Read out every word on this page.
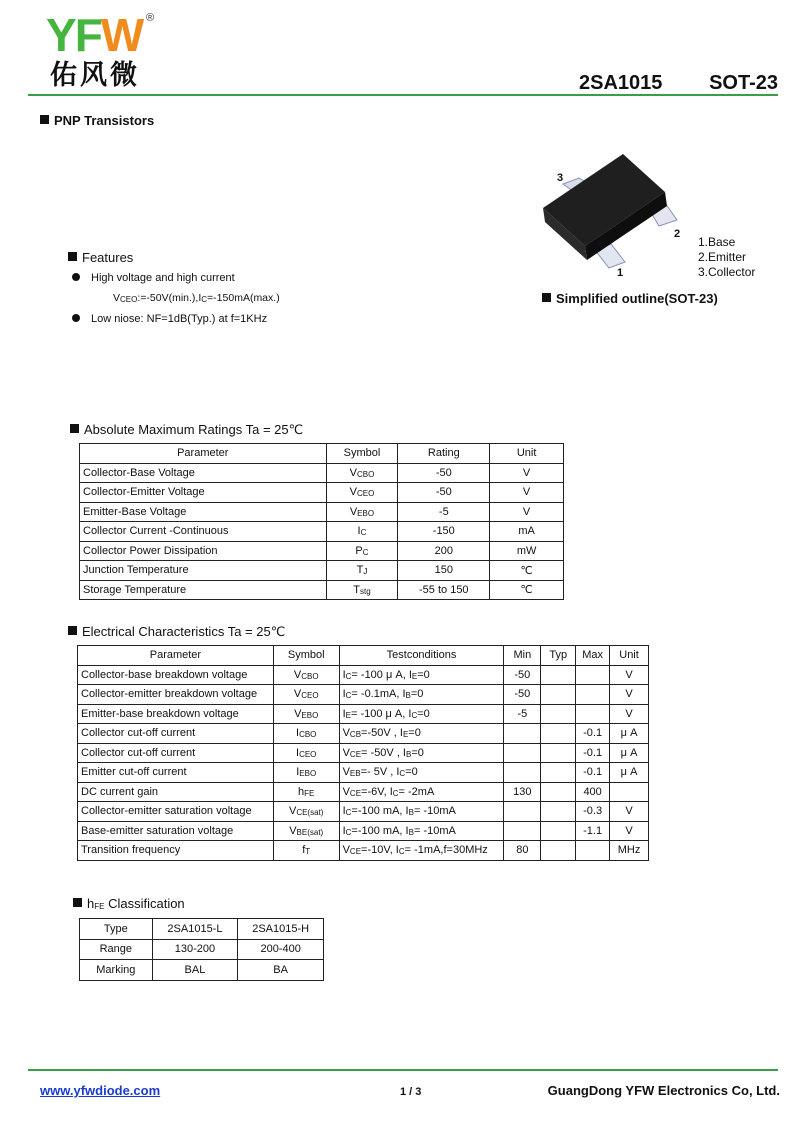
YFW ®
佑风微	2SA1015   SOT-23
PNP Transistors
3
2
1
1.Base
2.Emitter
3.Collector
Simplified outline(SOT-23)
Features
High voltage and high current
VCEO:=-50V(min.),IC=-150mA(max.)
Low niose: NF=1dB(Typ.) at f=1KHz
Absolute Maximum Ratings Ta = 25℃
Parameter	Symbol	Rating	Unit
Collector-Base Voltage	VCBO	-50	V
Collector-Emitter Voltage	VCEO	-50	V
Emitter-Base Voltage	VEBO	-5	V
Collector Current -Continuous	IC	-150	mA
Collector Power Dissipation	PC	200	mW
Junction Temperature	TJ	150	℃
Storage Temperature	Tstg	-55 to 150	℃
Electrical Characteristics Ta = 25℃
Parameter	Symbol	Testconditions	Min	Typ	Max	Unit
Collector-base breakdown voltage	VCBO	IC= -100 μ A, IE=0	-50			V
Collector-emitter breakdown voltage	VCEO	IC= -0.1mA, IB=0	-50			V
Emitter-base breakdown voltage	VEBO	IE= -100 μ A, IC=0	-5			V
Collector cut-off current	ICBO	VCB=-50V , IE=0			-0.1	μ A
Collector cut-off current	ICEO	VCE= -50V , IB=0			-0.1	μ A
Emitter cut-off current	IEBO	VEB=- 5V , IC=0			-0.1	μ A
DC current gain	hFE	VCE=-6V, IC= -2mA	130		400	
Collector-emitter saturation voltage	VCE(sat)	IC=-100 mA, IB= -10mA			-0.3	V
Base-emitter saturation voltage	VBE(sat)	IC=-100 mA, IB= -10mA			-1.1	V
Transition frequency	fT	VCE=-10V, IC= -1mA,f=30MHz	80			MHz
hFE Classification
Type	2SA1015-L	2SA1015-H
Range	130-200	200-400
Marking	BAL	BA
www.yfwdiode.com	1 / 3	GuangDong YFW Electronics Co, Ltd.
